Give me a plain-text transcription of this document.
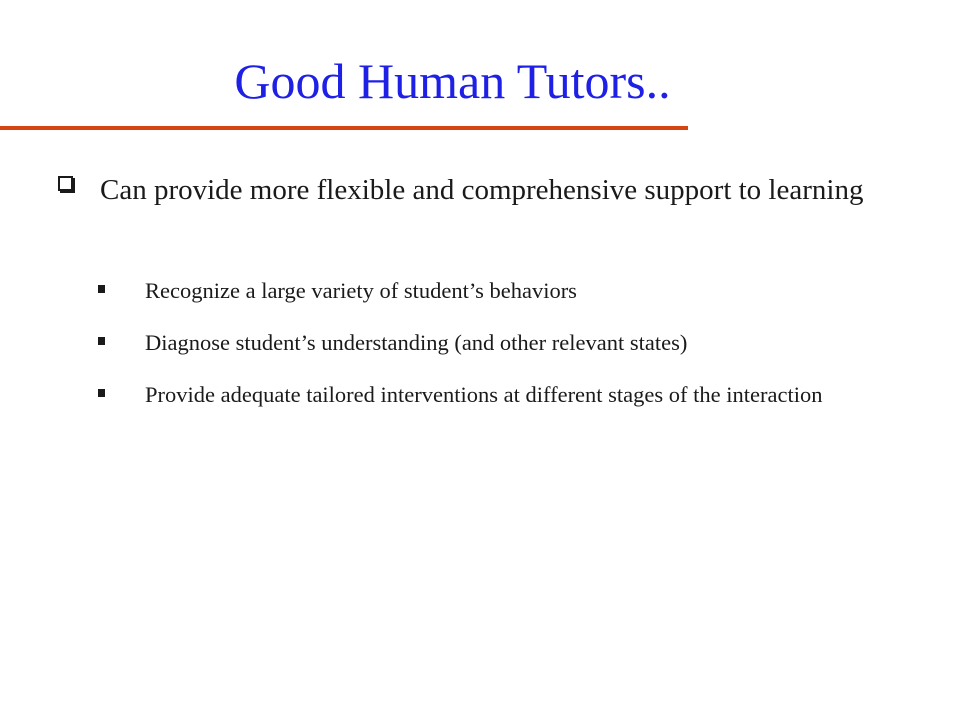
Good Human Tutors..

Can provide more flexible and comprehensive support to learning

Recognize a large variety of student’s behaviors

Diagnose student’s understanding (and other relevant states)

Provide adequate tailored interventions at different stages of the interaction
